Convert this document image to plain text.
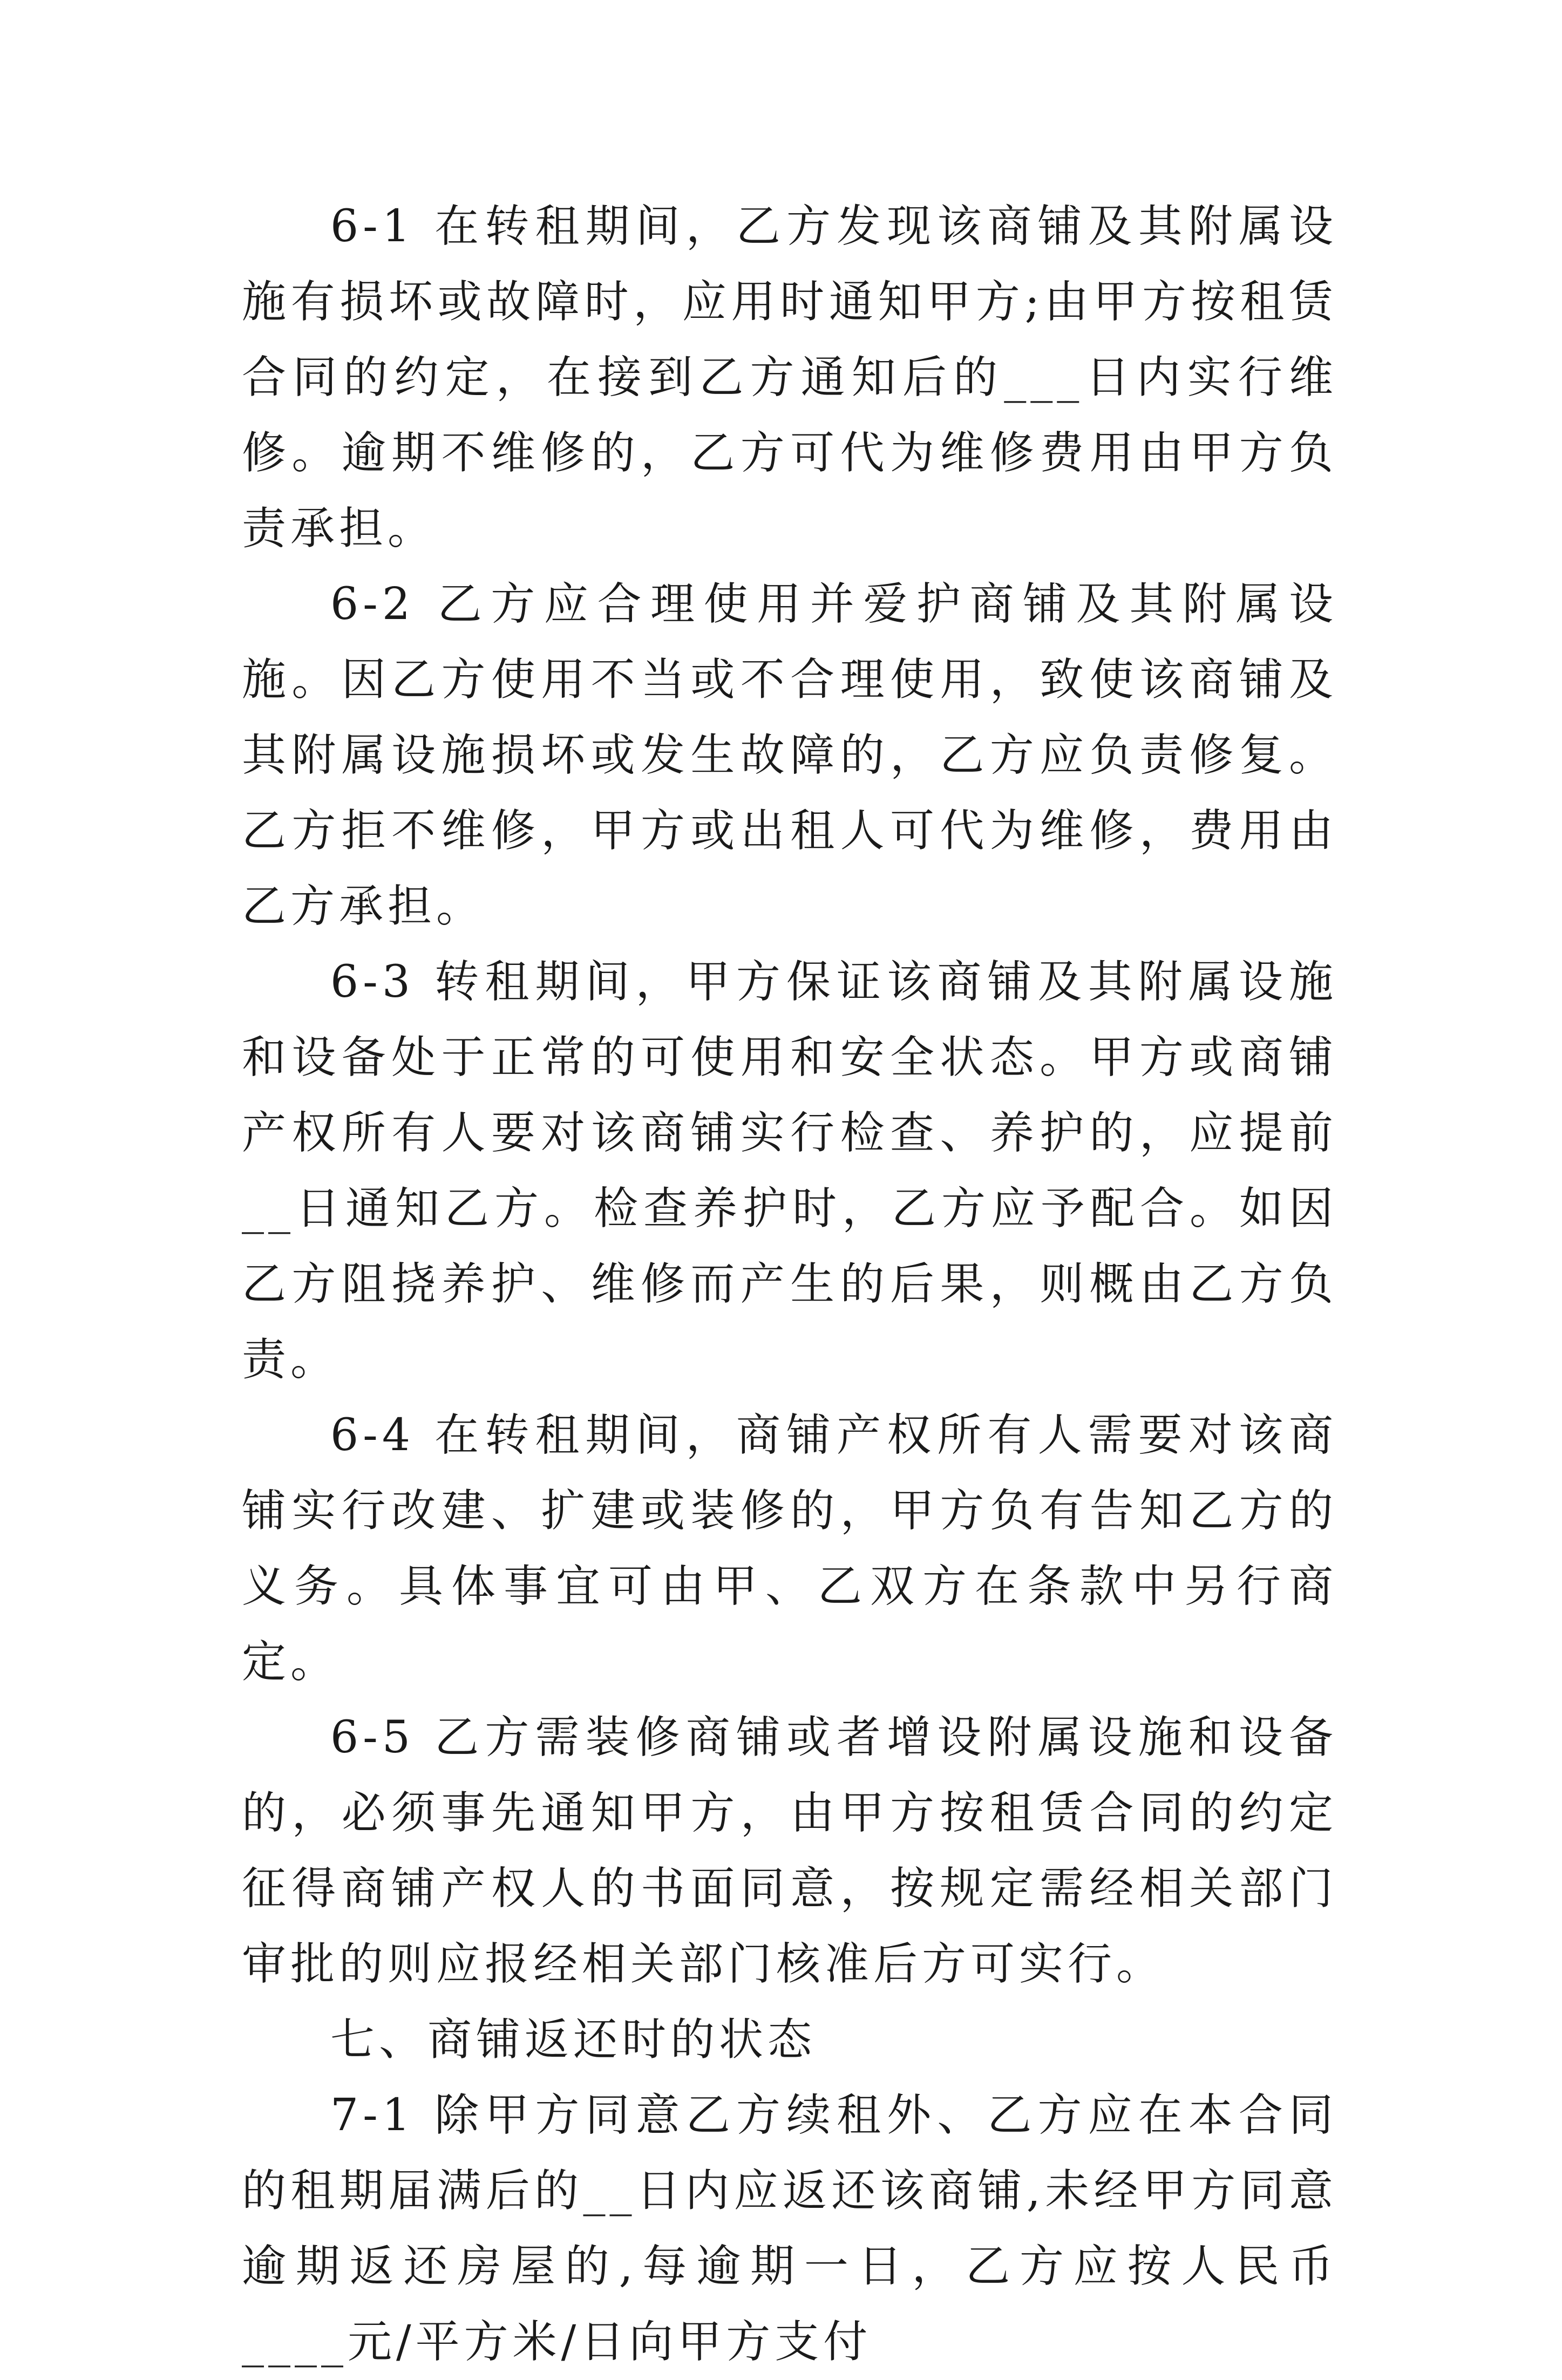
6-1 在转租期间，乙方发现该商铺及其附属设施有损坏或故障时，应用时通知甲方;由甲方按租赁合同的约定，在接到乙方通知后的___日内实行维修。逾期不维修的，乙方可代为维修费用由甲方负责承担。

6-2 乙方应合理使用并爱护商铺及其附属设施。因乙方使用不当或不合理使用，致使该商铺及其附属设施损坏或发生故障的，乙方应负责修复。乙方拒不维修，甲方或出租人可代为维修，费用由乙方承担。

6-3 转租期间，甲方保证该商铺及其附属设施和设备处于正常的可使用和安全状态。甲方或商铺产权所有人要对该商铺实行检查、养护的，应提前__日通知乙方。检查养护时，乙方应予配合。如因乙方阻挠养护、维修而产生的后果，则概由乙方负责。

6-4 在转租期间，商铺产权所有人需要对该商铺实行改建、扩建或装修的，甲方负有告知乙方的义务。具体事宜可由甲、乙双方在条款中另行商定。

6-5 乙方需装修商铺或者增设附属设施和设备的，必须事先通知甲方，由甲方按租赁合同的约定征得商铺产权人的书面同意，按规定需经相关部门审批的则应报经相关部门核准后方可实行。

七、商铺返还时的状态

7-1 除甲方同意乙方续租外、乙方应在本合同的租期届满后的__日内应返还该商铺,未经甲方同意逾期返还房屋的,每逾期一日，乙方应按人民币____元/平方米/日向甲方支付
